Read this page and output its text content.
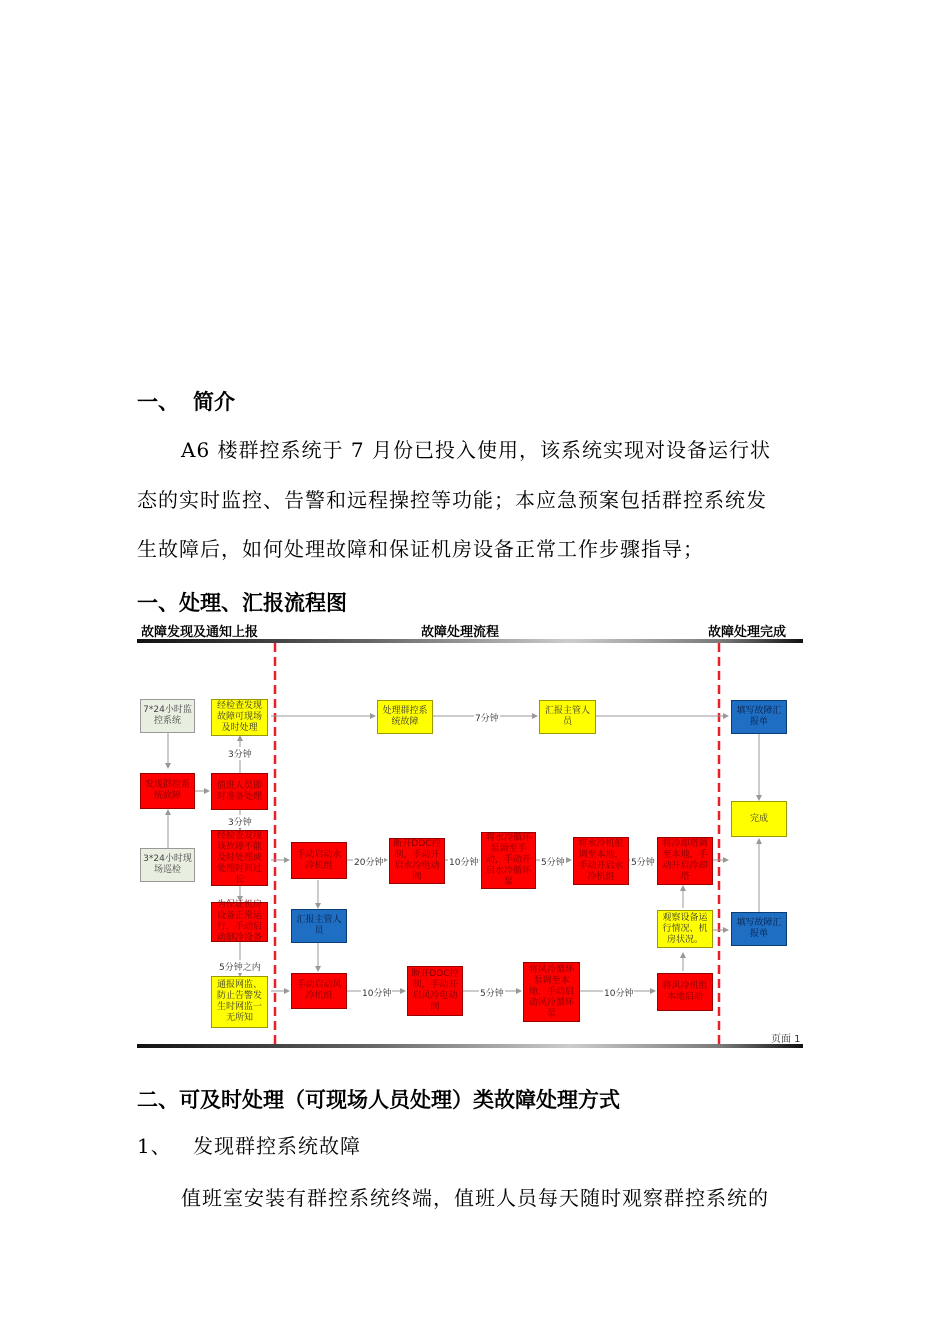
一、 简介
A6 楼群控系统于 7 月份已投入使用，该系统实现对设备运行状
态的实时监控、告警和远程操控等功能；本应急预案包括群控系统发
生故障后，如何处理故障和保证机房设备正常工作步骤指导；
一、处理、汇报流程图
故障发现及通知上报	故障处理流程	故障处理完成
7*24小时监控系统
经检查发现故障可现场及时处理
发现群控系统故障
值班人员即时准备处理
3*24小时现场巡检
经检查发现该故障不能及时处理或处理时间过长
为保证机房设备正常运行，手动启动制冷设备
通报网监、防止告警发生时网监一无所知
处理群控系统故障
汇报主管人员
填写故障汇报单
完成
手动启动水冷机组
断开DDC控制，手动开启水冷电动阀
将水冷循环泵调至手动，手动开启水冷循环泵
将水冷机组调至本地，手动开启水冷机组
将冷却塔调至本地，手动开启冷却塔
汇报主管人员
观察设备运行情况、机房状况。
填写故障汇报单
手动启动风冷机组
断开DDC控制，手动开启风冷电动阀
将风冷循环泵调至本地，手动启动风冷循环泵
将风冷机组本地启动
3分钟
3分钟
5分钟之内
7分钟
20分钟	10分钟	5分钟	5分钟
10分钟	5分钟	10分钟
页面 1
二、可及时处理（可现场人员处理）类故障处理方式
1、 发现群控系统故障
值班室安装有群控系统终端，值班人员每天随时观察群控系统的
